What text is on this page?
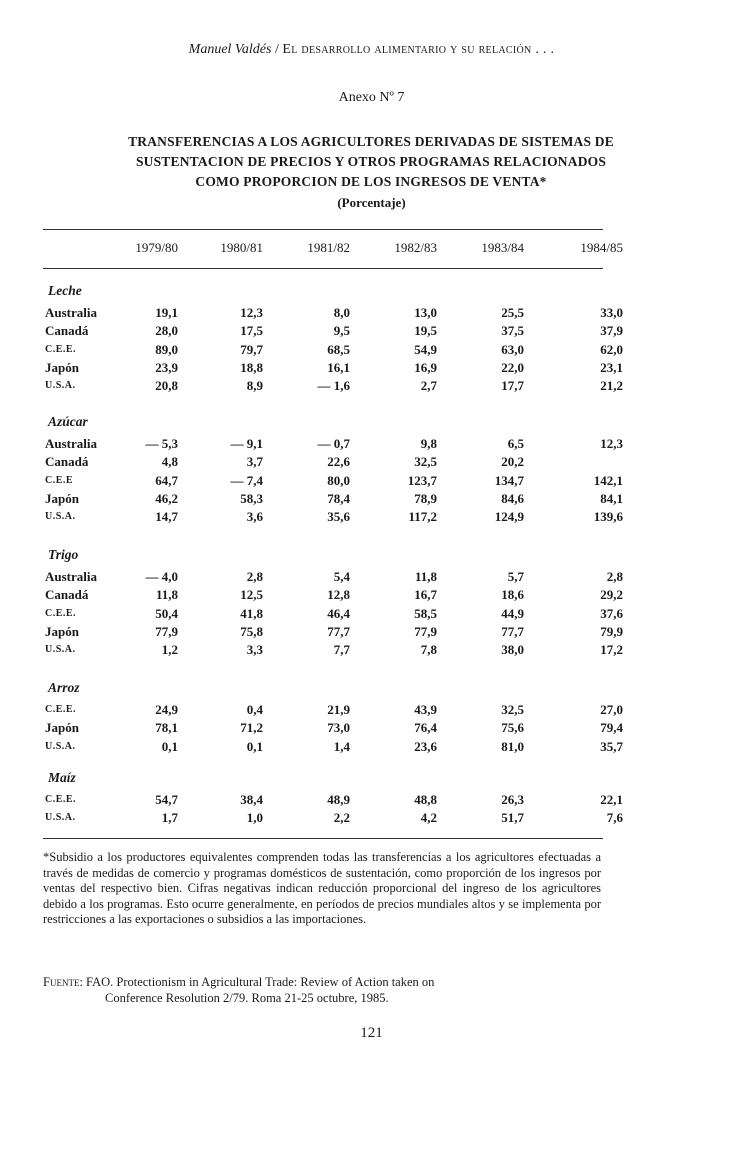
Manuel Valdés / El desarrollo alimentario y su relación . . .
Anexo Nº 7
TRANSFERENCIAS A LOS AGRICULTORES DERIVADAS DE SISTEMAS DE
SUSTENTACION DE PRECIOS Y OTROS PROGRAMAS RELACIONADOS
COMO PROPORCION DE LOS INGRESOS DE VENTA*
(Porcentaje)
1979/80	1980/81	1981/82	1982/83	1983/84	1984/85
Leche
Australia	19,1	12,3	8,0	13,0	25,5	33,0
Canadá	28,0	17,5	9,5	19,5	37,5	37,9
C.E.E.	89,0	79,7	68,5	54,9	63,0	62,0
Japón	23,9	18,8	16,1	16,9	22,0	23,1
U.S.A.	20,8	8,9	— 1,6	2,7	17,7	21,2
Azúcar
Australia	— 5,3	— 9,1	— 0,7	9,8	6,5	12,3
Canadá	4,8	3,7	22,6	32,5	20,2
C.E.E	64,7	— 7,4	80,0	123,7	134,7	142,1
Japón	46,2	58,3	78,4	78,9	84,6	84,1
U.S.A.	14,7	3,6	35,6	117,2	124,9	139,6
Trigo
Australia	— 4,0	2,8	5,4	11,8	5,7	2,8
Canadá	11,8	12,5	12,8	16,7	18,6	29,2
C.E.E.	50,4	41,8	46,4	58,5	44,9	37,6
Japón	77,9	75,8	77,7	77,9	77,7	79,9
U.S.A.	1,2	3,3	7,7	7,8	38,0	17,2
Arroz
C.E.E.	24,9	0,4	21,9	43,9	32,5	27,0
Japón	78,1	71,2	73,0	76,4	75,6	79,4
U.S.A.	0,1	0,1	1,4	23,6	81,0	35,7
Maíz
C.E.E.	54,7	38,4	48,9	48,8	26,3	22,1
U.S.A.	1,7	1,0	2,2	4,2	51,7	7,6
*Subsidio a los productores equivalentes comprenden todas las transferencias a los agricultores efectuadas a través de medidas de comercio y programas domésticos de sustentación, como proporción de los ingresos por ventas del respectivo bien. Cifras negativas indican reducción proporcional del ingreso de los agricultores debido a los programas. Esto ocurre generalmente, en períodos de precios mundiales altos y se implementa por restricciones a las exportaciones o subsidios a las importaciones.
Fuente: FAO. Protectionism in Agricultural Trade: Review of Action taken on
Conference Resolution 2/79. Roma 21-25 octubre, 1985.
121
